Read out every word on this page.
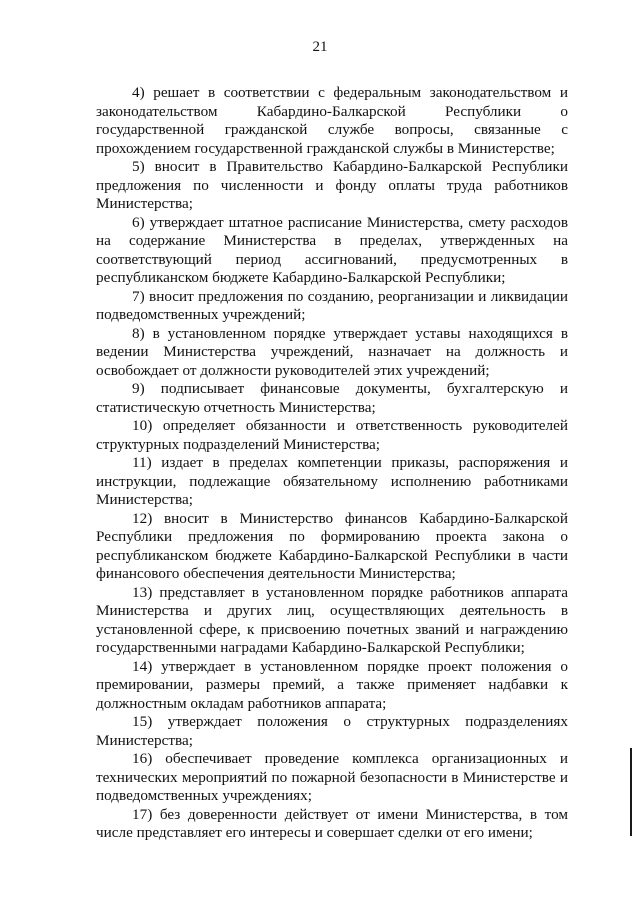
21

4) решает в соответствии с федеральным законодательством и законодательством Кабардино-Балкарской Республики о государственной гражданской службе вопросы, связанные с прохождением государственной гражданской службы в Министерстве;

5) вносит в Правительство Кабардино-Балкарской Республики предложения по численности и фонду оплаты труда работников Министерства;

6) утверждает штатное расписание Министерства, смету расходов на содержание Министерства в пределах, утвержденных на соответствующий период ассигнований, предусмотренных в республиканском бюджете Кабардино-Балкарской Республики;

7) вносит предложения по созданию, реорганизации и ликвидации подведомственных учреждений;

8) в установленном порядке утверждает уставы находящихся в ведении Министерства учреждений, назначает на должность и освобождает от должности руководителей этих учреждений;

9) подписывает финансовые документы, бухгалтерскую и статистическую отчетность Министерства;

10) определяет обязанности и ответственность руководителей структурных подразделений Министерства;

11) издает в пределах компетенции приказы, распоряжения и инструкции, подлежащие обязательному исполнению работниками Министерства;

12) вносит в Министерство финансов Кабардино-Балкарской Республики предложения по формированию проекта закона о республиканском бюджете Кабардино-Балкарской Республики в части финансового обеспечения деятельности Министерства;

13) представляет в установленном порядке работников аппарата Министерства и других лиц, осуществляющих деятельность в установленной сфере, к присвоению почетных званий и награждению государственными наградами Кабардино-Балкарской Республики;

14) утверждает в установленном порядке проект положения о премировании, размеры премий, а также применяет надбавки к должностным окладам работников аппарата;

15) утверждает положения о структурных подразделениях Министерства;

16) обеспечивает проведение комплекса организационных и технических мероприятий по пожарной безопасности в Министерстве и подведомственных учреждениях;

17) без доверенности действует от имени Министерства, в том числе представляет его интересы и совершает сделки от его имени;
